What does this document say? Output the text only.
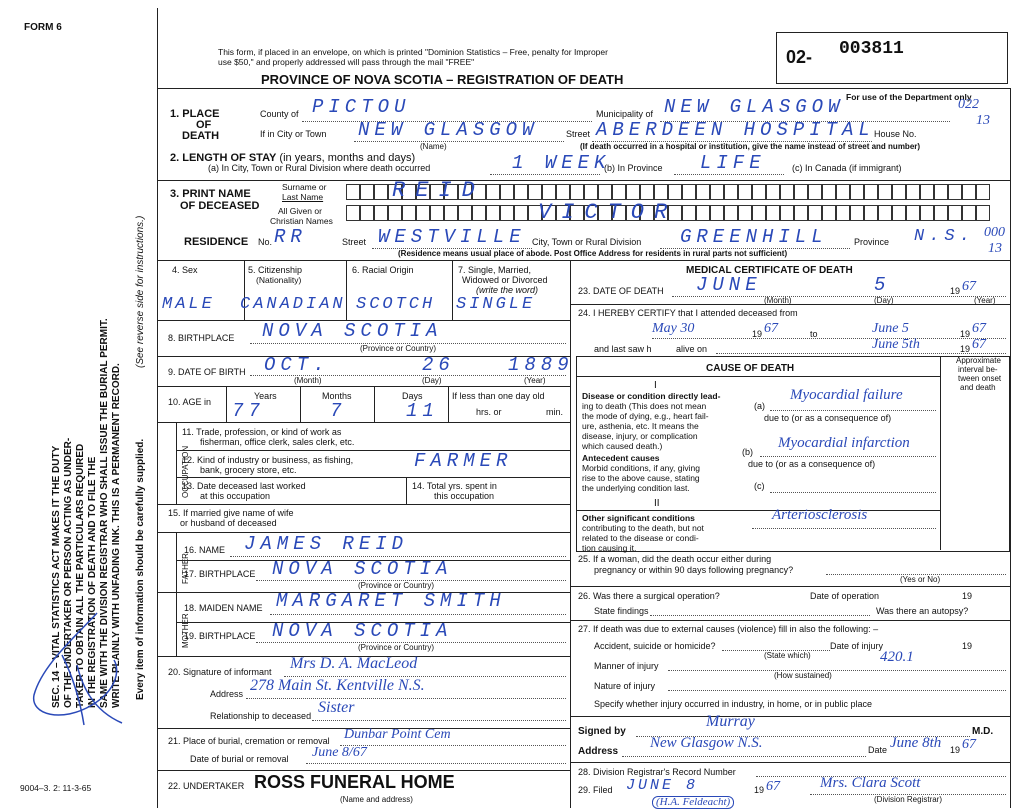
FORM 6
This form, if placed in an envelope, on which is printed "Dominion Statistics – Free, penalty for Improper
use $50," and properly addressed will pass through the mail "FREE"
PROVINCE OF NOVA SCOTIA – REGISTRATION OF DEATH
02- 003811
For use of the Department only
SEC. 14 – VITAL STATISTICS ACT MAKES IT THE DUTY OF THE UNDERTAKER OR PERSON ACTING AS UNDER- TAKER TO OBTAIN ALL THE PARTICULARS REQUIRED IN THE REGISTRATION OF DEATH AND TO FILE THE SAME WITH THE DIVISION REGISTRAR WHO SHALL ISSUE THE BURIAL PERMIT. WRITE PLAINLY WITH UNFADING INK. THIS IS A PERMANENT RECORD.
(See reverse side for instructions.)
Every item of information should be carefully supplied.
9004–3. 2: 11-3-65
1. PLACE
OF
DEATH
County of PICTOU	Municipality of NEW GLASGOW	022
13
If in City or Town NEW GLASGOW
(Name)
Street ABERDEEN HOSPITAL House No.
(If death occurred in a hospital or institution, give the name instead of street and number)
2. LENGTH OF STAY (in years, months and days)
(a) In City, Town or Rural Division where death occurred	1 WEEK
(b) In Province LIFE	(c) In Canada (if immigrant)
3. PRINT NAME
OF DECEASED
Surname or
Last Name
All Given or
Christian Names
REID
VICTOR
RESIDENCE No. RR	Street WESTVILLE City, Town or Rural Division GREENHILL	Province N.S. 000
13
(Residence means usual place of abode. Post Office Address for residents in rural parts not sufficient)
4. Sex	5. Citizenship
(Nationality)
6. Racial Origin	7. Single, Married,
Widowed or Divorced
(write the word)
MALE CANADIAN SCOTCH SINGLE
8. BIRTHPLACE NOVA SCOTIA
(Province or Country)
9. DATE OF BIRTH OCT.	26	1889
(Month)	(Day)	(Year)
10. AGE in
Years	Months	Days
77	7	11
If less than one day old
hrs. or	min.
OCCUPATION
11. Trade, profession, or kind of work as
fisherman, office clerk, sales clerk, etc.
12. Kind of industry or business, as fishing,
bank, grocery store, etc.	FARMER
13. Date deceased last worked
at this occupation
14. Total yrs. spent in
this occupation
15. If married give name of wife
or husband of deceased
FATHER
16. NAME JAMES REID
17. BIRTHPLACE NOVA SCOTIA
(Province or Country)
MOTHER
18. MAIDEN NAME MARGARET SMITH
19. BIRTHPLACE NOVA SCOTIA
(Province or Country)
20. Signature of informant Mrs D. A. MacLeod
Address 278 Main St. Kentville N.S.
Relationship to deceased Sister
21. Place of burial, cremation or removal Dunbar Point Cem
Date of burial or removal June 8/67
22. UNDERTAKER ROSS FUNERAL HOME
(Name and address)
MEDICAL CERTIFICATE OF DEATH
23. DATE OF DEATH JUNE	5	19 67
(Month)	(Day)	(Year)
24. I HEREBY CERTIFY that I attended deceased from
May 30	19 67	to	June 5	19 67
and last saw h	alive on	June 5th	19 67
CAUSE OF DEATH
Approximate
interval be-
tween onset
and death
I
Disease or condition directly lead-
ing to death (This does not mean
the mode of dying, e.g., heart fail-
ure, asthenia, etc. It means the
disease, injury, or complication
which caused death.)
(a)
Myocardial failure
due to (or as a consequence of)
(b)
Myocardial infarction
due to (or as a consequence of)
Antecedent causes
Morbid conditions, if any, giving
rise to the above cause, stating
the underlying condition last.	(c)
II
Other significant conditions
contributing to the death, but not
related to the disease or condi-
tion causing it.
Arteriosclerosis
25. If a woman, did the death occur either during
pregnancy or within 90 days following pregnancy?
(Yes or No)
26. Was there a surgical operation?	Date of operation	19
State findings	Was there an autopsy?
27. If death was due to external causes (violence) fill in also the following: –
Accident, suicide or homicide?
(State which)
Date of injury	19
Manner of injury
420.1
(How sustained)
Nature of injury
Specify whether injury occurred in industry, in home, or in public place
Signed by
Murray
M.D.
Address
New Glasgow N.S.	Date June 8th 19 67
28. Division Registrar's Record Number
29. Filed JUNE 8	19 67	Mrs. Clara Scott
(Division Registrar)
(H.A. Feldeacht)
